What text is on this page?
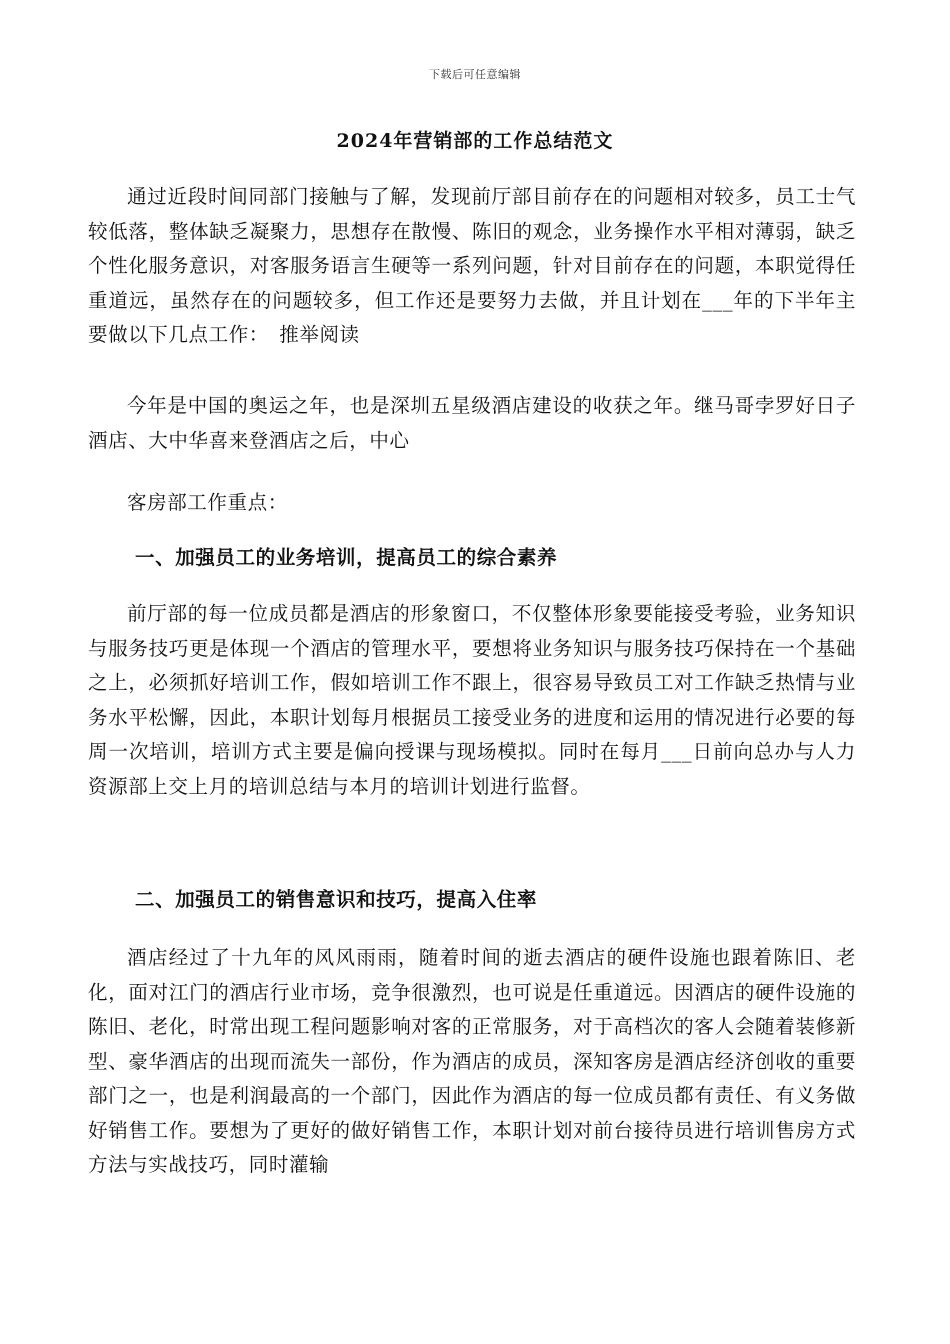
下载后可任意编辑
2024年营销部的工作总结范文

通过近段时间同部门接触与了解，发现前厅部目前存在的问题相对较多，员工士气较低落，整体缺乏凝聚力，思想存在散慢、陈旧的观念，业务操作水平相对薄弱，缺乏个性化服务意识，对客服务语言生硬等一系列问题，针对目前存在的问题，本职觉得任重道远，虽然存在的问题较多，但工作还是要努力去做，并且计划在___年的下半年主要做以下几点工作：　推举阅读

今年是中国的奥运之年，也是深圳五星级酒店建设的收获之年。继马哥孛罗好日子酒店、大中华喜来登酒店之后，中心

客房部工作重点：

一、加强员工的业务培训，提高员工的综合素养

前厅部的每一位成员都是酒店的形象窗口，不仅整体形象要能接受考验，业务知识与服务技巧更是体现一个酒店的管理水平，要想将业务知识与服务技巧保持在一个基础之上，必须抓好培训工作，假如培训工作不跟上，很容易导致员工对工作缺乏热情与业务水平松懈，因此，本职计划每月根据员工接受业务的进度和运用的情况进行必要的每周一次培训，培训方式主要是偏向授课与现场模拟。同时在每月___日前向总办与人力资源部上交上月的培训总结与本月的培训计划进行监督。

二、加强员工的销售意识和技巧，提高入住率

酒店经过了十九年的风风雨雨，随着时间的逝去酒店的硬件设施也跟着陈旧、老化，面对江门的酒店行业市场，竞争很激烈，也可说是任重道远。因酒店的硬件设施的陈旧、老化，时常出现工程问题影响对客的正常服务，对于高档次的客人会随着装修新型、豪华酒店的出现而流失一部份，作为酒店的成员，深知客房是酒店经济创收的重要部门之一，也是利润最高的一个部门，因此作为酒店的每一位成员都有责任、有义务做好销售工作。要想为了更好的做好销售工作，本职计划对前台接待员进行培训售房方式方法与实战技巧，同时灌输
